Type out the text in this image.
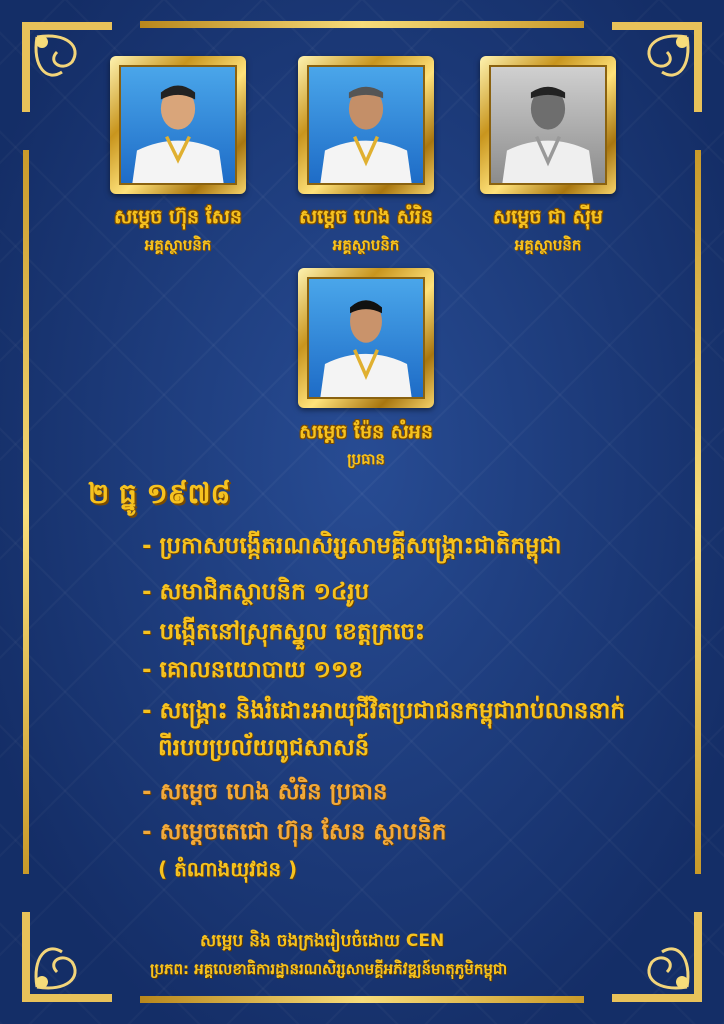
សម្តេច ហ៊ុន សែន
អគ្គស្ថាបនិក
សម្តេច ហេង សំរិន
អគ្គស្ថាបនិក
សម្តេច ជា ស៊ីម
អគ្គស្ថាបនិក
សម្តេច ម៉ែន សំអន
ប្រធាន
២ ធ្នូ ១៩៧៨
- ប្រកាសបង្កើតរណសិរ្សសាមគ្គីសង្គ្រោះជាតិកម្ពុជា
- សមាជិកស្ថាបនិក ១៤រូប
- បង្កើតនៅស្រុកស្នួល ខេត្តក្រចេះ
- គោលនយោបាយ ១១ខ
- សង្គ្រោះ និងរំដោះអាយុជីវិតប្រជាជនកម្ពុជារាប់លាននាក់
ពីរបបប្រល័យពូជសាសន៍
- សម្តេច ហេង សំរិន ប្រធាន
- សម្តេចតេជោ ហ៊ុន សែន ស្ថាបនិក
( តំណាងយុវជន )
សម្អេប និង ចងក្រងរៀបចំដោយ CEN
ប្រភព: អគ្គលេខាធិការដ្ឋានរណសិរ្សសាមគ្គីអភិវឌ្ឍន៍មាតុភូមិកម្ពុជា
